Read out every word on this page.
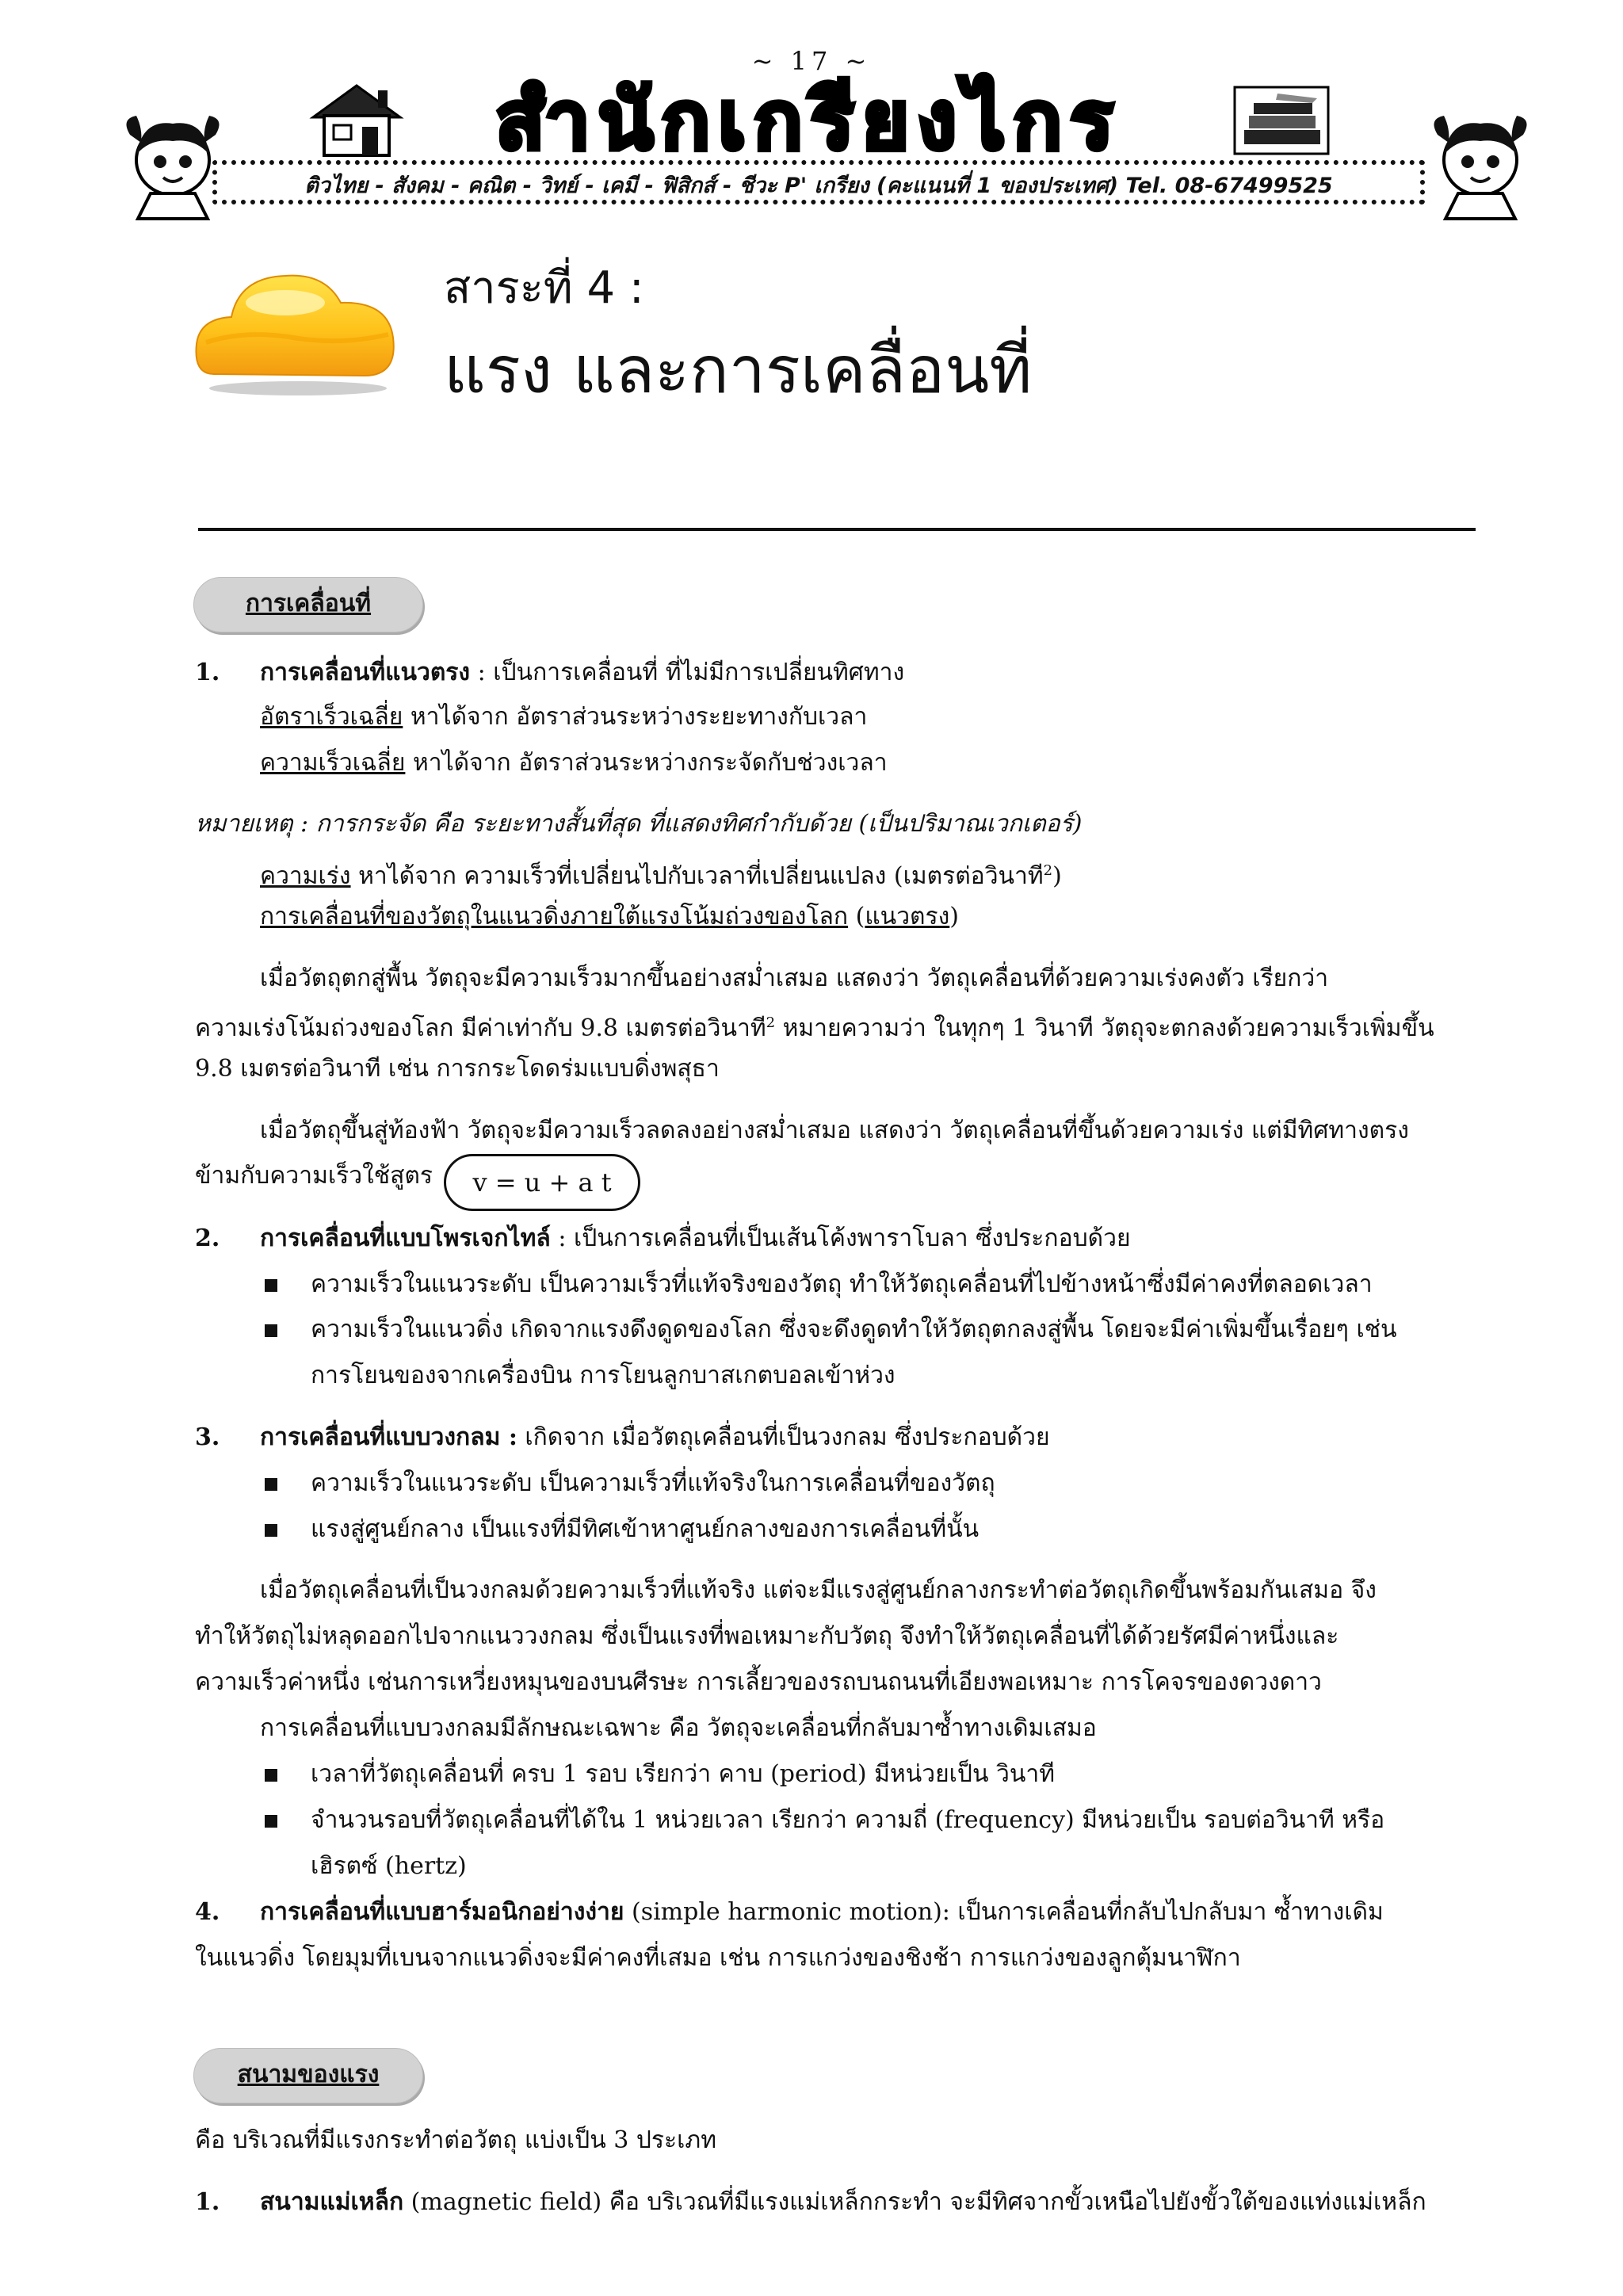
~ 17 ~
สำนักเกรียงไกร
ติวไทย - สังคม - คณิต - วิทย์ - เคมี - ฟิสิกส์ - ชีวะ P' เกรียง (คะแนนที่ 1 ของประเทศ) Tel. 08-67499525
สาระที่ 4 :
แรง และการเคลื่อนที่
การเคลื่อนที่
1. การเคลื่อนที่แนวตรง : เป็นการเคลื่อนที่ ที่ไม่มีการเปลี่ยนทิศทาง
อัตราเร็วเฉลี่ย หาได้จาก อัตราส่วนระหว่างระยะทางกับเวลา
ความเร็วเฉลี่ย หาได้จาก อัตราส่วนระหว่างกระจัดกับช่วงเวลา
หมายเหตุ : การกระจัด คือ ระยะทางสั้นที่สุด ที่แสดงทิศกำกับด้วย (เป็นปริมาณเวกเตอร์)
ความเร่ง หาได้จาก ความเร็วที่เปลี่ยนไปกับเวลาที่เปลี่ยนแปลง (เมตรต่อวินาที$^2$)
การเคลื่อนที่ของวัตถุในแนวดิ่งภายใต้แรงโน้มถ่วงของโลก (แนวตรง)
เมื่อวัตถุตกสู่พื้น วัตถุจะมีความเร็วมากขึ้นอย่างสม่ำเสมอ แสดงว่า วัตถุเคลื่อนที่ด้วยความเร่งคงตัว เรียกว่า
ความเร่งโน้มถ่วงของโลก มีค่าเท่ากับ 9.8 เมตรต่อวินาที$^2$ หมายความว่า ในทุกๆ 1 วินาที วัตถุจะตกลงด้วยความเร็วเพิ่มขึ้น
9.8 เมตรต่อวินาที เช่น การกระโดดร่มแบบดิ่งพสุธา
เมื่อวัตถุขึ้นสู่ท้องฟ้า วัตถุจะมีความเร็วลดลงอย่างสม่ำเสมอ แสดงว่า วัตถุเคลื่อนที่ขึ้นด้วยความเร่ง แต่มีทิศทางตรง
ข้ามกับความเร็วใช้สูตร	v = u + a t
2. การเคลื่อนที่แบบโพรเจกไทล์ : เป็นการเคลื่อนที่เป็นเส้นโค้งพาราโบลา ซึ่งประกอบด้วย
ความเร็วในแนวระดับ เป็นความเร็วที่แท้จริงของวัตถุ ทำให้วัตถุเคลื่อนที่ไปข้างหน้าซึ่งมีค่าคงที่ตลอดเวลา
ความเร็วในแนวดิ่ง เกิดจากแรงดึงดูดของโลก ซึ่งจะดึงดูดทำให้วัตถุตกลงสู่พื้น โดยจะมีค่าเพิ่มขึ้นเรื่อยๆ เช่น
การโยนของจากเครื่องบิน การโยนลูกบาสเกตบอลเข้าห่วง
3. การเคลื่อนที่แบบวงกลม : เกิดจาก เมื่อวัตถุเคลื่อนที่เป็นวงกลม ซึ่งประกอบด้วย
ความเร็วในแนวระดับ เป็นความเร็วที่แท้จริงในการเคลื่อนที่ของวัตถุ
แรงสู่ศูนย์กลาง เป็นแรงที่มีทิศเข้าหาศูนย์กลางของการเคลื่อนที่นั้น
เมื่อวัตถุเคลื่อนที่เป็นวงกลมด้วยความเร็วที่แท้จริง แต่จะมีแรงสู่ศูนย์กลางกระทำต่อวัตถุเกิดขึ้นพร้อมกันเสมอ จึง
ทำให้วัตถุไม่หลุดออกไปจากแนววงกลม ซึ่งเป็นแรงที่พอเหมาะกับวัตถุ จึงทำให้วัตถุเคลื่อนที่ได้ด้วยรัศมีค่าหนึ่งและ
ความเร็วค่าหนึ่ง เช่นการเหวี่ยงหมุนของบนศีรษะ การเลี้ยวของรถบนถนนที่เอียงพอเหมาะ การโคจรของดวงดาว
การเคลื่อนที่แบบวงกลมมีลักษณะเฉพาะ คือ วัตถุจะเคลื่อนที่กลับมาซ้ำทางเดิมเสมอ
เวลาที่วัตถุเคลื่อนที่ ครบ 1 รอบ เรียกว่า คาบ (period) มีหน่วยเป็น วินาที
จำนวนรอบที่วัตถุเคลื่อนที่ได้ใน 1 หน่วยเวลา เรียกว่า ความถี่ (frequency) มีหน่วยเป็น รอบต่อวินาที หรือ
เฮิรตซ์ (hertz)
4. การเคลื่อนที่แบบฮาร์มอนิกอย่างง่าย (simple harmonic motion): เป็นการเคลื่อนที่กลับไปกลับมา ซ้ำทางเดิม
ในแนวดิ่ง โดยมุมที่เบนจากแนวดิ่งจะมีค่าคงที่เสมอ เช่น การแกว่งของชิงช้า การแกว่งของลูกตุ้มนาฬิกา
สนามของแรง
คือ บริเวณที่มีแรงกระทำต่อวัตถุ แบ่งเป็น 3 ประเภท
1. สนามแม่เหล็ก (magnetic field) คือ บริเวณที่มีแรงแม่เหล็กกระทำ จะมีทิศจากขั้วเหนือไปยังขั้วใต้ของแท่งแม่เหล็ก
